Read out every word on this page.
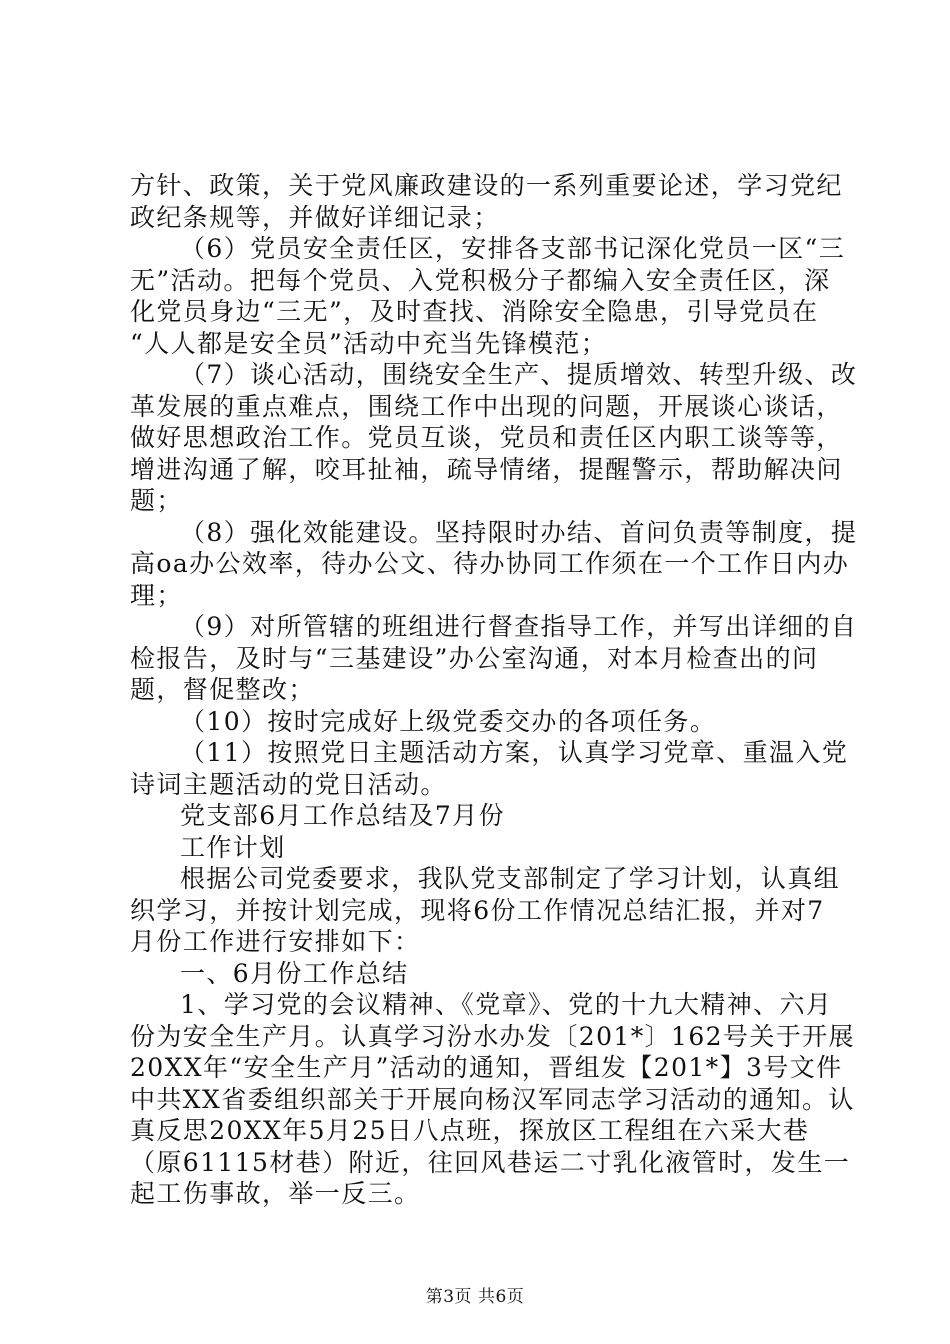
方针、政策，关于党风廉政建设的一系列重要论述，学习党纪
政纪条规等，并做好详细记录；
（6）党员安全责任区，安排各支部书记深化党员一区“三
无”活动。把每个党员、入党积极分子都编入安全责任区，深
化党员身边“三无”，及时查找、消除安全隐患，引导党员在
“人人都是安全员”活动中充当先锋模范；
（7）谈心活动，围绕安全生产、提质增效、转型升级、改
革发展的重点难点，围绕工作中出现的问题，开展谈心谈话，
做好思想政治工作。党员互谈，党员和责任区内职工谈等等，
增进沟通了解，咬耳扯袖，疏导情绪，提醒警示，帮助解决问
题；
（8）强化效能建设。坚持限时办结、首问负责等制度，提
高oa办公效率，待办公文、待办协同工作须在一个工作日内办
理；
（9）对所管辖的班组进行督查指导工作，并写出详细的自
检报告，及时与“三基建设”办公室沟通，对本月检查出的问
题，督促整改；
（10）按时完成好上级党委交办的各项任务。
（11）按照党日主题活动方案，认真学习党章、重温入党
诗词主题活动的党日活动。
党支部6月工作总结及7月份
工作计划
根据公司党委要求，我队党支部制定了学习计划，认真组
织学习，并按计划完成，现将6份工作情况总结汇报，并对7
月份工作进行安排如下：
一、6月份工作总结
1、学习党的会议精神、《党章》、党的十九大精神、六月
份为安全生产月。认真学习汾水办发〔201*〕162号关于开展
20XX年“安全生产月”活动的通知，晋组发【201*】3号文件
中共XX省委组织部关于开展向杨汉军同志学习活动的通知。认
真反思20XX年5月25日八点班，探放区工程组在六采大巷
（原61115材巷）附近，往回风巷运二寸乳化液管时，发生一
起工伤事故，举一反三。
第3页 共6页
